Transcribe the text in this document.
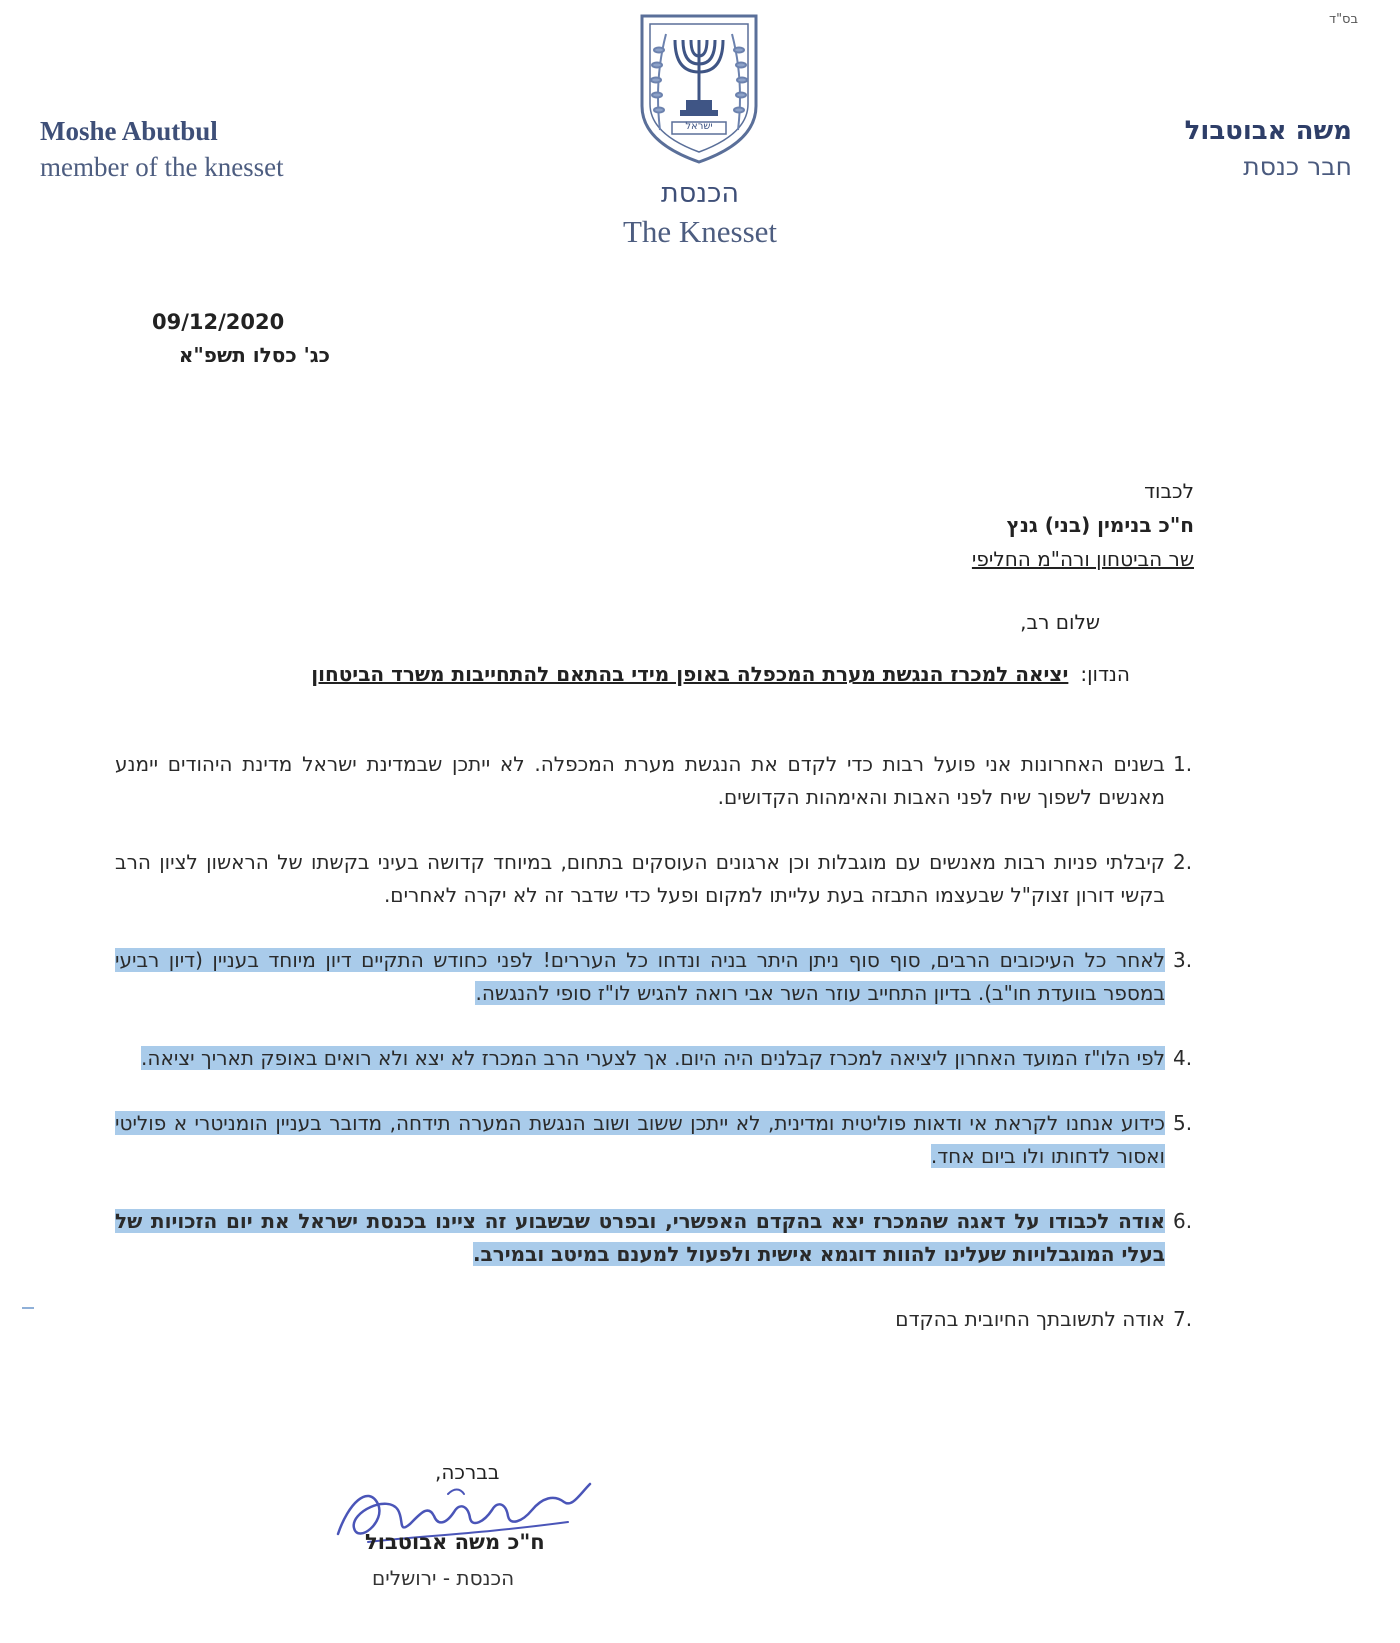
בס"ד
Moshe Abutbul
member of the knesset
משה אבוטבול
חבר כנסת
ישראל
הכנסת
The Knesset
09/12/2020
כג' כסלו תשפ"א
לכבוד
ח"כ בנימין (בני) גנץ
שר הביטחון ורה"מ החליפי
שלום רב,
הנדון:יציאה למכרז הנגשת מערת המכפלה באופן מידי בהתאם להתחייבות משרד הביטחון
1.
בשנים האחרונות אני פועל רבות כדי לקדם את הנגשת מערת המכפלה. לא ייתכן שבמדינת ישראל מדינת היהודים יימנע מאנשים לשפוך שיח לפני האבות והאימהות הקדושים.
2.
קיבלתי פניות רבות מאנשים עם מוגבלות וכן ארגונים העוסקים בתחום, במיוחד קדושה בעיני בקשתו של הראשון לציון הרב בקשי דורון זצוק"ל שבעצמו התבזה בעת עלייתו למקום ופעל כדי שדבר זה לא יקרה לאחרים.
3.
לאחר כל העיכובים הרבים, סוף סוף ניתן היתר בניה ונדחו כל העררים! לפני כחודש התקיים דיון מיוחד בעניין (דיון רביעי במספר בוועדת חו"ב). בדיון התחייב עוזר השר אבי רואה להגיש לו"ז סופי להנגשה.
4.
לפי הלו"ז המועד האחרון ליציאה למכרז קבלנים היה היום. אך לצערי הרב המכרז לא יצא ולא רואים באופק תאריך יציאה.
5.
כידוע אנחנו לקראת אי ודאות פוליטית ומדינית, לא ייתכן ששוב ושוב הנגשת המערה תידחה, מדובר בעניין הומניטרי א פוליטי ואסור לדחותו ולו ביום אחד.
6.
אודה לכבודו על דאגה שהמכרז יצא בהקדם האפשרי, ובפרט שבשבוע זה ציינו בכנסת ישראל את יום הזכויות של בעלי המוגבלויות שעלינו להוות דוגמא אישית ולפעול למענם במיטב ובמירב.
7.
אודה לתשובתך החיובית בהקדם
בברכה,
ח"כ משה אבוטבול
הכנסת - ירושלים
